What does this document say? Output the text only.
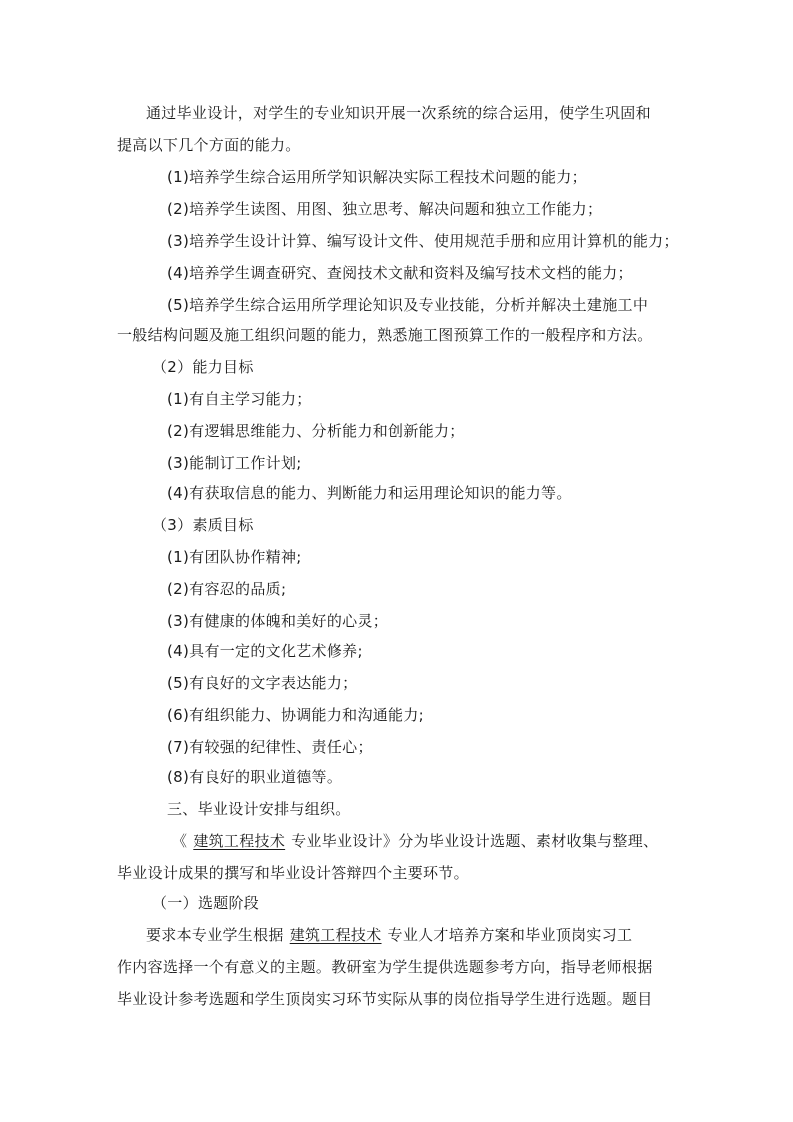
通过毕业设计，对学生的专业知识开展一次系统的综合运用，使学生巩固和
提高以下几个方面的能力。
(1)培养学生综合运用所学知识解决实际工程技术问题的能力；
(2)培养学生读图、用图、独立思考、解决问题和独立工作能力；
(3)培养学生设计计算、编写设计文件、使用规范手册和应用计算机的能力；
(4)培养学生调查研究、查阅技术文献和资料及编写技术文档的能力；
(5)培养学生综合运用所学理论知识及专业技能，分析并解决土建施工中
一般结构问题及施工组织问题的能力，熟悉施工图预算工作的一般程序和方法。
（2）能力目标
(1)有自主学习能力；
(2)有逻辑思维能力、分析能力和创新能力；
(3)能制订工作计划;
(4)有获取信息的能力、判断能力和运用理论知识的能力等。
（3）素质目标
(1)有团队协作精神;
(2)有容忍的品质;
(3)有健康的体魄和美好的心灵；
(4)具有一定的文化艺术修养;
(5)有良好的文字表达能力；
(6)有组织能力、协调能力和沟通能力;
(7)有较强的纪律性、责任心；
(8)有良好的职业道德等。
三、毕业设计安排与组织。
《 建筑工程技术 专业毕业设计》分为毕业设计选题、素材收集与整理、
毕业设计成果的撰写和毕业设计答辩四个主要环节。
（一）选题阶段
要求本专业学生根据 建筑工程技术 专业人才培养方案和毕业顶岗实习工
作内容选择一个有意义的主题。教研室为学生提供选题参考方向，指导老师根据
毕业设计参考选题和学生顶岗实习环节实际从事的岗位指导学生进行选题。题目
